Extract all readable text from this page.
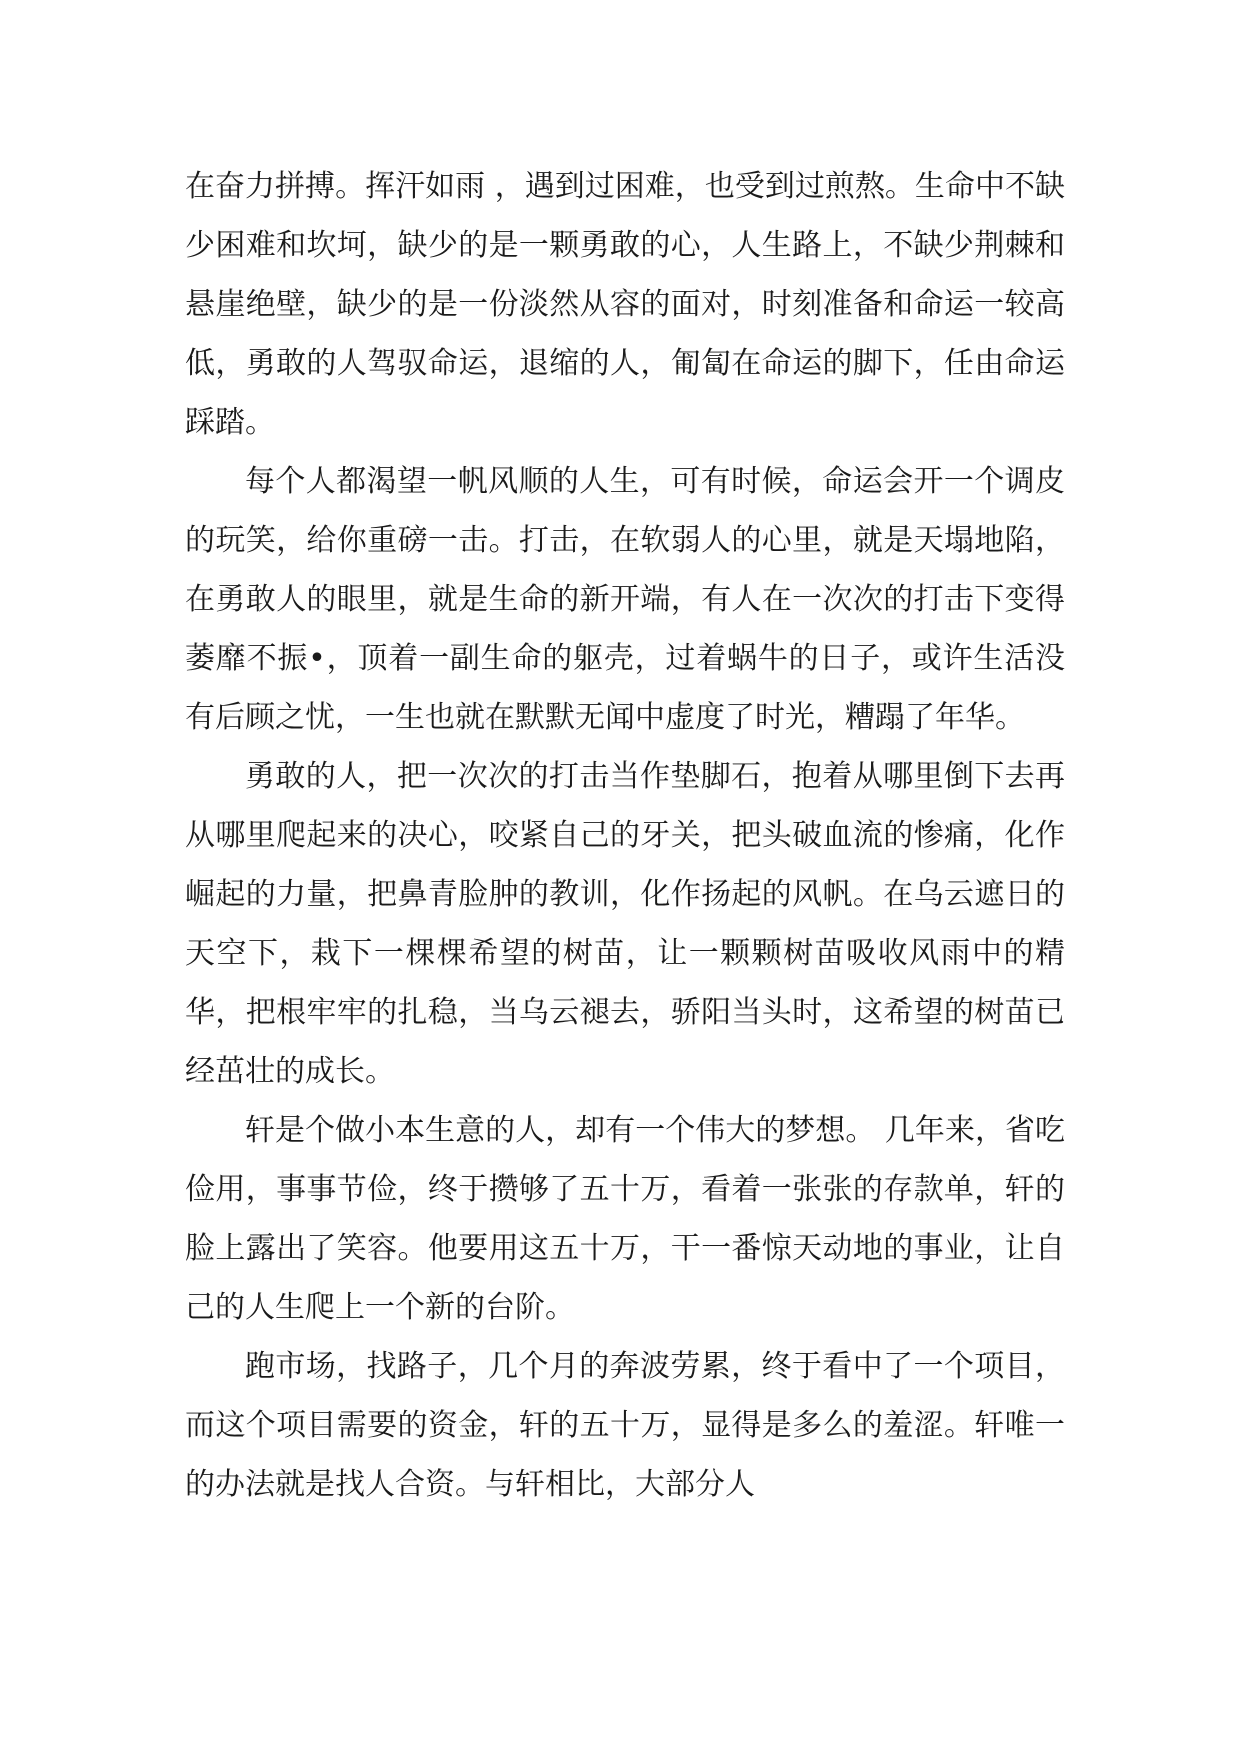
在奋力拼搏。挥汗如雨 ，遇到过困难，也受到过煎熬。生命中不缺少困难和坎坷，缺少的是一颗勇敢的心，人生路上，不缺少荆棘和悬崖绝壁，缺少的是一份淡然从容的面对，时刻准备和命运一较高低，勇敢的人驾驭命运，退缩的人，匍匐在命运的脚下，任由命运踩踏。

每个人都渴望一帆风顺的人生，可有时候，命运会开一个调皮的玩笑，给你重磅一击。打击，在软弱人的心里，就是天塌地陷，在勇敢人的眼里，就是生命的新开端，有人在一次次的打击下变得萎靡不振•，顶着一副生命的躯壳，过着蜗牛的日子，或许生活没有后顾之忧，一生也就在默默无闻中虚度了时光，糟蹋了年华。

勇敢的人，把一次次的打击当作垫脚石，抱着从哪里倒下去再从哪里爬起来的决心，咬紧自己的牙关，把头破血流的惨痛，化作崛起的力量，把鼻青脸肿的教训，化作扬起的风帆。在乌云遮日的天空下，栽下一棵棵希望的树苗，让一颗颗树苗吸收风雨中的精华，把根牢牢的扎稳，当乌云褪去，骄阳当头时，这希望的树苗已经茁壮的成长。

轩是个做小本生意的人，却有一个伟大的梦想。 几年来，省吃俭用，事事节俭，终于攒够了五十万，看着一张张的存款单，轩的脸上露出了笑容。他要用这五十万，干一番惊天动地的事业，让自己的人生爬上一个新的台阶。

跑市场，找路子，几个月的奔波劳累，终于看中了一个项目， 而这个项目需要的资金，轩的五十万，显得是多么的羞涩。轩唯一的办法就是找人合资。与轩相比，大部分人
